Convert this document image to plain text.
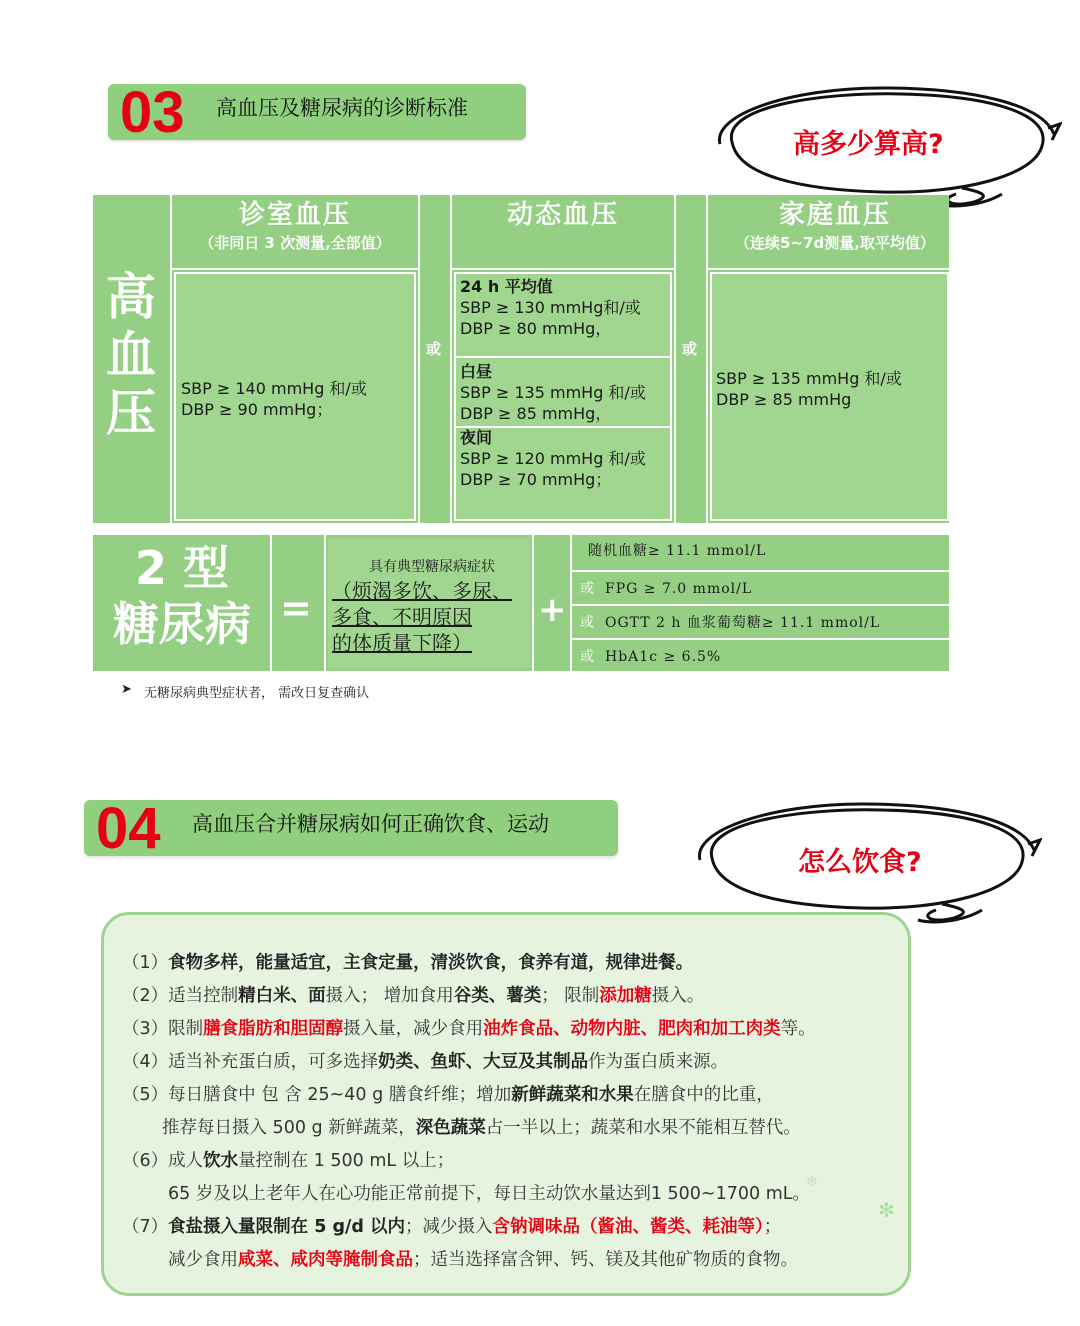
03 高血压及糖尿病的诊断标准
高多少算高?
高
血
压
诊室血压
（非同日 3 次测量,全部值）
动态血压	家庭血压
（连续5~7d测量,取平均值）
或	或
SBP ≥ 140 mmHg 和/或
DBP ≥ 90 mmHg；
24 h 平均值
SBP ≥ 130 mmHg和/或
DBP ≥ 80 mmHg，
白昼
SBP ≥ 135 mmHg 和/或
DBP ≥ 85 mmHg，
夜间
SBP ≥ 120 mmHg 和/或
DBP ≥ 70 mmHg；
SBP ≥ 135 mmHg 和/或
DBP ≥ 85 mmHg
2 型
糖尿病 =
具有典型糖尿病症状
（烦渴多饮、多尿、
多食、不明原因
的体质量下降）
+
随机血糖≥ 11.1 mmol/L
或 FPG ≥ 7.0 mmol/L
或 OGTT 2 h 血浆葡萄糖≥ 11.1 mmol/L
或 HbA1c ≥ 6.5%
➤ 无糖尿病典型症状者， 需改日复查确认
04 高血压合并糖尿病如何正确饮食、运动
怎么饮食?
（1）食物多样，能量适宜，主食定量，清淡饮食，食养有道，规律进餐。
（2）适当控制精白米、面摄入； 增加食用谷类、薯类； 限制添加糖摄入。
（3）限制膳食脂肪和胆固醇摄入量，减少食用油炸食品、动物内脏、肥肉和加工肉类等。
（4）适当补充蛋白质，可多选择奶类、鱼虾、大豆及其制品作为蛋白质来源。
（5）每日膳食中 包 含 25~40 g 膳食纤维；增加新鲜蔬菜和水果在膳食中的比重，
推荐每日摄入 500 g 新鲜蔬菜，深色蔬菜占一半以上；蔬菜和水果不能相互替代。
（6）成人饮水量控制在 1 500 mL 以上；
65 岁及以上老年人在心功能正常前提下，每日主动饮水量达到1 500~1700 mL。
（7）食盐摄入量限制在 5 g/d 以内；减少摄入含钠调味品（酱油、酱类、耗油等）；
减少食用咸菜、咸肉等腌制食品；适当选择富含钾、钙、镁及其他矿物质的食物。
✻
✻
